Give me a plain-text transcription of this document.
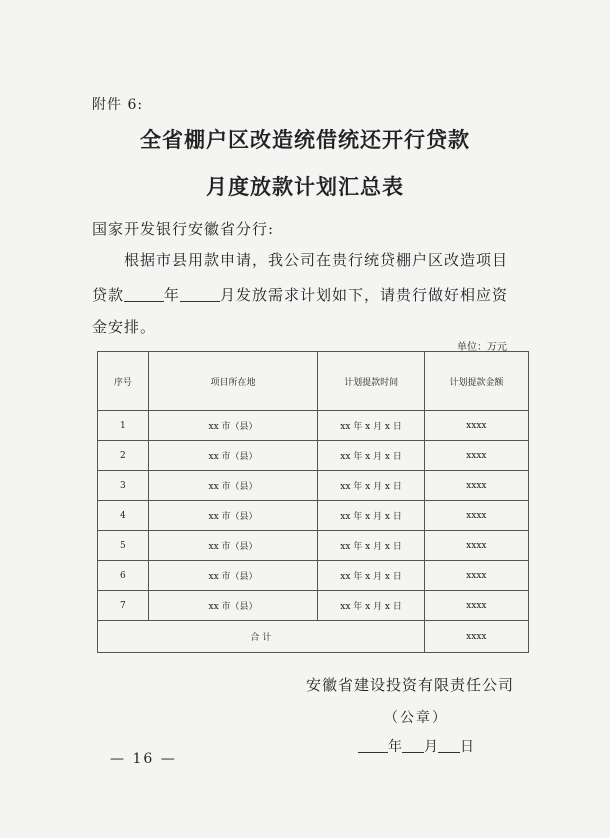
附件 6:
全省棚户区改造统借统还开行贷款
月度放款计划汇总表
国家开发银行安徽省分行:
根据市县用款申请，我公司在贵行统贷棚户区改造项目
贷款	年	月发放需求计划如下，请贵行做好相应资
金安排。
单位：万元
序号	项目所在地	计划提款时间	计划提款金额
1	xx 市（县）	xx 年 x 月 x 日	xxxx
2	xx 市（县）	xx 年 x 月 x 日	xxxx
3	xx 市（县）	xx 年 x 月 x 日	xxxx
4	xx 市（县）	xx 年 x 月 x 日	xxxx
5	xx 市（县）	xx 年 x 月 x 日	xxxx
6	xx 市（县）	xx 年 x 月 x 日	xxxx
7	xx 市（县）	xx 年 x 月 x 日	xxxx
合 计			xxxx
安徽省建设投资有限责任公司
（公章）
年 月 日
— 16 —
